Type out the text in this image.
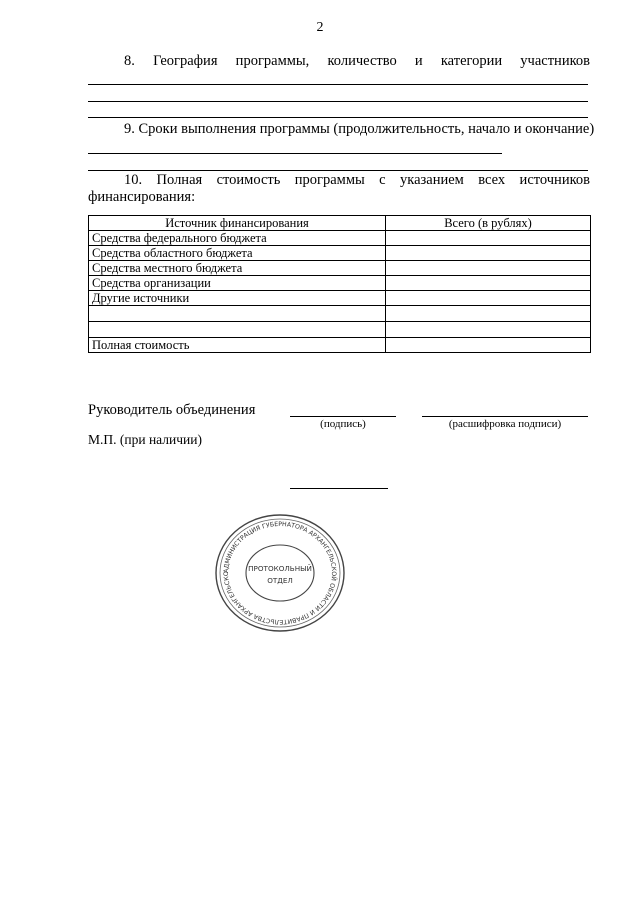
2
8. География программы, количество и категории участников
9. Сроки выполнения программы (продолжительность, начало и окончание)
10. Полная стоимость программы с указанием всех источников
финансирования:
Источник финансирования	Всего (в рублях)
Средства федерального бюджета	
Средства областного бюджета	
Средства местного бюджета	
Средства организации	
Другие источники	

Полная стоимость	
Руководитель объединения
(подпись)	(расшифровка подписи)
М.П. (при наличии)
АДМИНИСТРАЦИЯ ГУБЕРНАТОРА АРХАНГЕЛЬСКОЙ ОБЛАСТИ И ПРАВИТЕЛЬСТВА АРХАНГЕЛЬСКО
ПРОТОКОЛЬНЫЙ
ОТДЕЛ
